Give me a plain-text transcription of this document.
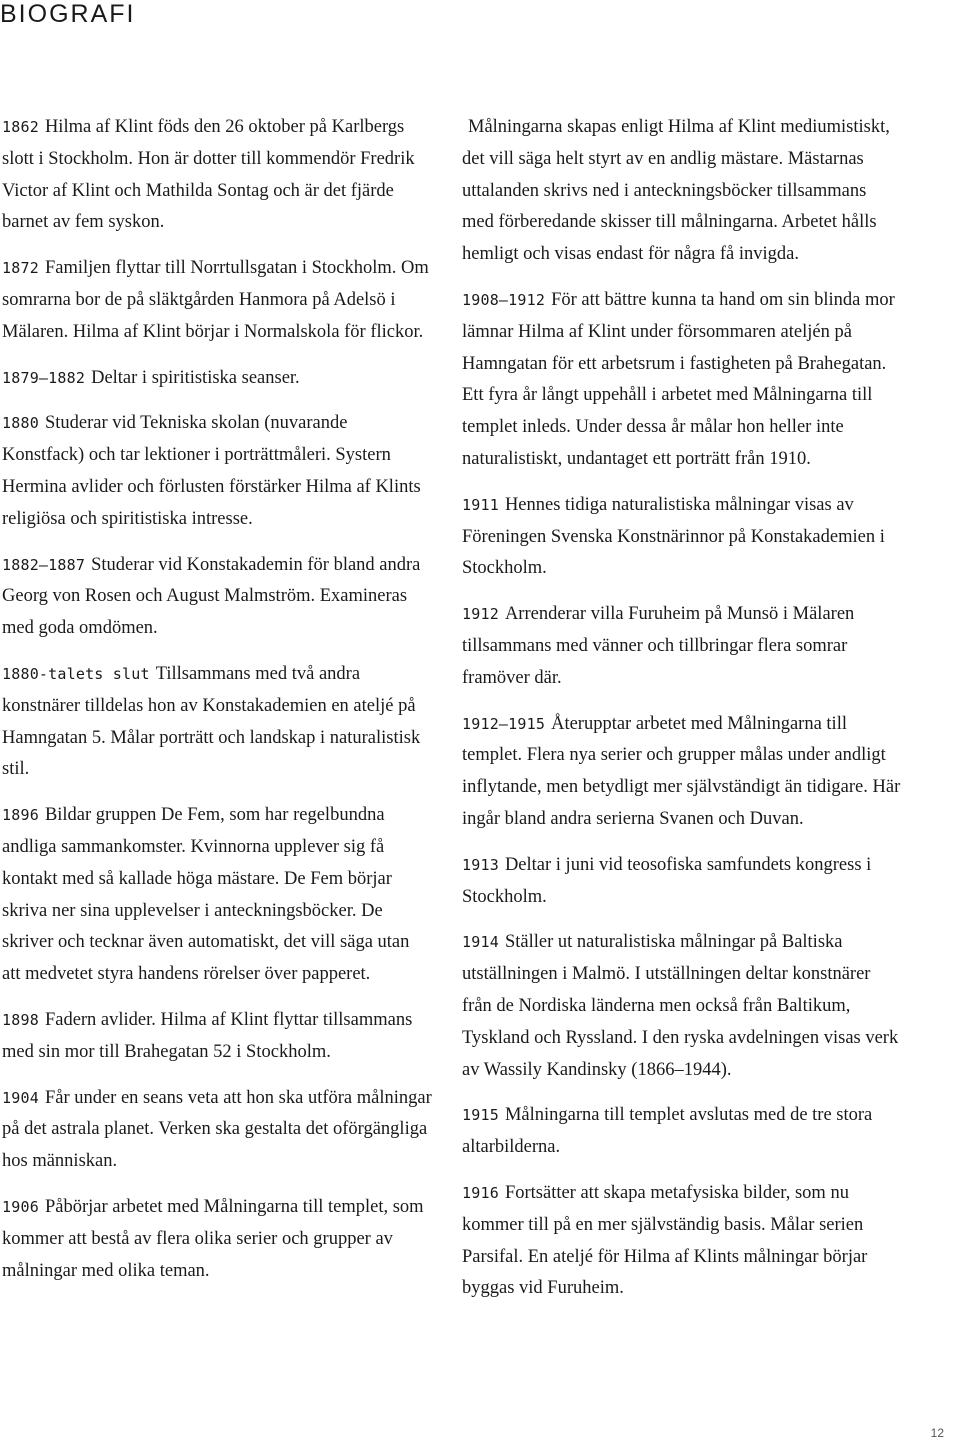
BIOGRAFI

1862 Hilma af Klint föds den 26 oktober på Karlbergs slott i Stockholm. Hon är dotter till kommendör Fredrik Victor af Klint och Mathilda Sontag och är det fjärde barnet av fem syskon.

1872 Familjen flyttar till Norrtullsgatan i Stockholm. Om somrarna bor de på släktgården Hanmora på Adelsö i Mälaren. Hilma af Klint börjar i Normalskola för flickor.

1879–1882 Deltar i spiritistiska seanser.

1880 Studerar vid Tekniska skolan (nuvarande Konstfack) och tar lektioner i porträttmåleri. Systern Hermina avlider och förlusten förstärker Hilma af Klints religiösa och spiritistiska intresse.

1882–1887 Studerar vid Konstakademin för bland andra Georg von Rosen och August Malmström. Examineras med goda omdömen.

1880-talets slut Tillsammans med två andra konstnärer tilldelas hon av Konstakademien en ateljé på Hamngatan 5. Målar porträtt och landskap i naturalistisk stil.

1896 Bildar gruppen De Fem, som har regelbundna andliga sammankomster. Kvinnorna upplever sig få kontakt med så kallade höga mästare. De Fem börjar skriva ner sina upplevelser i anteckningsböcker. De skriver och tecknar även automatiskt, det vill säga utan att medvetet styra handens rörelser över papperet.

1898 Fadern avlider. Hilma af Klint flyttar tillsammans med sin mor till Brahegatan 52 i Stockholm.

1904 Får under en seans veta att hon ska utföra målningar på det astrala planet. Verken ska gestalta det oförgängliga hos människan.

1906 Påbörjar arbetet med Målningarna till templet, som kommer att bestå av flera olika serier och grupper av målningar med olika teman.

Målningarna skapas enligt Hilma af Klint mediumistiskt, det vill säga helt styrt av en andlig mästare. Mästarnas uttalanden skrivs ned i anteckningsböcker tillsammans med förberedande skisser till målningarna. Arbetet hålls hemligt och visas endast för några få invigda.

1908–1912 För att bättre kunna ta hand om sin blinda mor lämnar Hilma af Klint under försommaren ateljén på Hamngatan för ett arbetsrum i fastigheten på Brahegatan. Ett fyra år långt uppehåll i arbetet med Målningarna till templet inleds. Under dessa år målar hon heller inte naturalistiskt, undantaget ett porträtt från 1910.

1911 Hennes tidiga naturalistiska målningar visas av Föreningen Svenska Konstnärinnor på Konstakademien i Stockholm.

1912 Arrenderar villa Furuheim på Munsö i Mälaren tillsammans med vänner och tillbringar flera somrar framöver där.

1912–1915 Återupptar arbetet med Målningarna till templet. Flera nya serier och grupper målas under andligt inflytande, men betydligt mer självständigt än tidigare. Här ingår bland andra serierna Svanen och Duvan.

1913 Deltar i juni vid teosofiska samfundets kongress i Stockholm.

1914 Ställer ut naturalistiska målningar på Baltiska utställningen i Malmö. I utställningen deltar konstnärer från de Nordiska länderna men också från Baltikum, Tyskland och Ryssland. I den ryska avdelningen visas verk av Wassily Kandinsky (1866–1944).

1915 Målningarna till templet avslutas med de tre stora altarbilderna.

1916 Fortsätter att skapa metafysiska bilder, som nu kommer till på en mer självständig basis. Målar serien Parsifal. En ateljé för Hilma af Klints målningar börjar byggas vid Furuheim.

12
